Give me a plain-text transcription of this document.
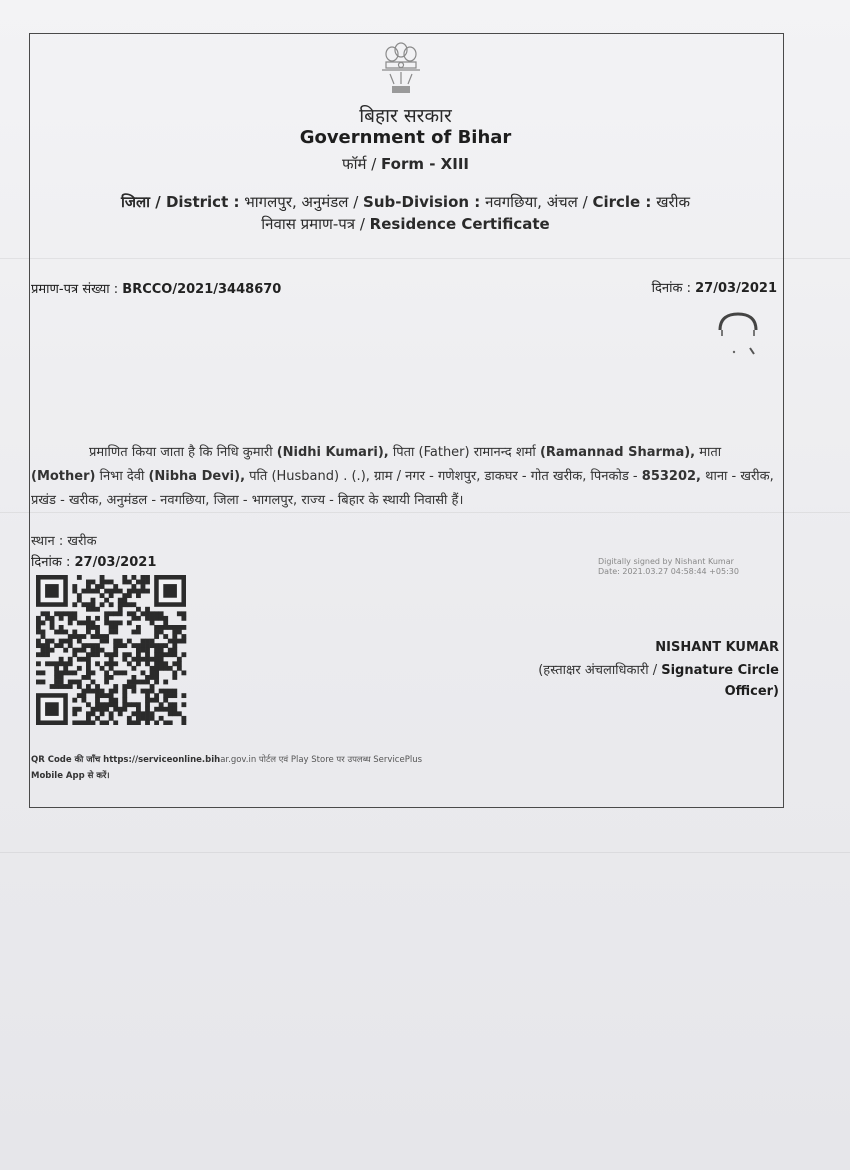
बिहार सरकार
Government of Bihar
फॉर्म / Form - XIII
जिला / District : भागलपुर, अनुमंडल / Sub-Division : नवगछिया, अंचल / Circle : खरीक
निवास प्रमाण-पत्र / Residence Certificate
प्रमाण-पत्र संख्या : BRCCO/2021/3448670	दिनांक : 27/03/2021
प्रमाणित किया जाता है कि निधि कुमारी (Nidhi Kumari), पिता (Father) रामानन्द शर्मा (Ramannad Sharma), माता (Mother) निभा देवी (Nibha Devi), पति (Husband) . (.), ग्राम / नगर - गणेशपुर, डाकघर - गोत खरीक, पिनकोड - 853202, थाना - खरीक, प्रखंड - खरीक, अनुमंडल - नवगछिया, जिला - भागलपुर, राज्य - बिहार के स्थायी निवासी हैं।
स्थान : खरीक
दिनांक : 27/03/2021	Digitally signed by Nishant Kumar
Date: 2021.03.27 04:58:44 +05:30
NISHANT KUMAR
(हस्ताक्षर अंचलाधिकारी / Signature Circle
Officer)
QR Code की जाँच https://serviceonline.bihar.gov.in पोर्टल एवं Play Store पर उपलब्ध ServicePlus
Mobile App से करें।
